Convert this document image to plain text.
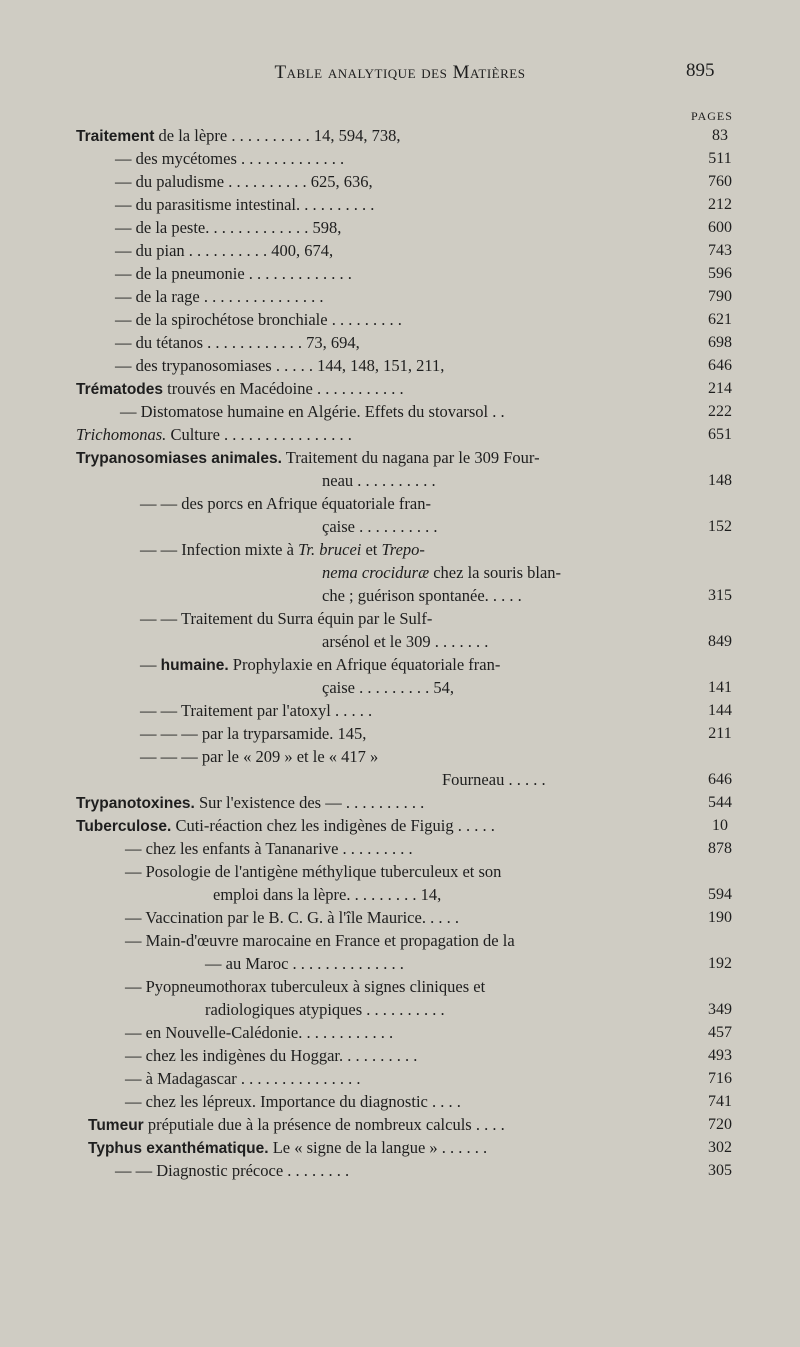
Table analytique des Matières	895
PAGES
Traitement de la lèpre . . . . . . . . . . 14, 594, 738,
— des mycétomes . . . . . . . . . . . . .
— du paludisme . . . . . . . . . . 625, 636,
— du parasitisme intestinal. . . . . . . . . .
— de la peste. . . . . . . . . . . . . 598,
— du pian . . . . . . . . . . 400, 674,
— de la pneumonie . . . . . . . . . . . . .
— de la rage . . . . . . . . . . . . . . .
— de la spirochétose bronchiale . . . . . . . . .
— du tétanos . . . . . . . . . . . . 73, 694,
— des trypanosomiases . . . . . 144, 148, 151, 211,
Trématodes trouvés en Macédoine . . . . . . . . . . .
— Distomatose humaine en Algérie. Effets du stovarsol . .
Trichomonas. Culture . . . . . . . . . . . . . . . .
Trypanosomiases animales. Traitement du nagana par le 309 Four-
neau . . . . . . . . . .
— — des porcs en Afrique équatoriale fran-
çaise . . . . . . . . . .
— — Infection mixte à Tr. brucei et Trepo-
nema crociduræ chez la souris blan-
che ; guérison spontanée. . . . .
— — Traitement du Surra équin par le Sulf-
arsénol et le 309 . . . . . . .
— humaine. Prophylaxie en Afrique équatoriale fran-
çaise . . . . . . . . . 54,
— — Traitement par l'atoxyl . . . . .
— — — par la tryparsamide. 145,
— — — par le « 209 » et le « 417 »
Fourneau . . . . .
Trypanotoxines. Sur l'existence des — . . . . . . . . . .
Tuberculose. Cuti-réaction chez les indigènes de Figuig . . . . .
— chez les enfants à Tananarive . . . . . . . . .
— Posologie de l'antigène méthylique tuberculeux et son
emploi dans la lèpre. . . . . . . . . 14,
— Vaccination par le B. C. G. à l'île Maurice. . . . .
— Main-d'œuvre marocaine en France et propagation de la
— au Maroc . . . . . . . . . . . . . .
— Pyopneumothorax tuberculeux à signes cliniques et
radiologiques atypiques . . . . . . . . . .
— en Nouvelle-Calédonie. . . . . . . . . . . .
— chez les indigènes du Hoggar. . . . . . . . . .
— à Madagascar . . . . . . . . . . . . . . .
— chez les lépreux. Importance du diagnostic . . . .
Tumeur préputiale due à la présence de nombreux calculs . . . .
Typhus exanthématique. Le « signe de la langue » . . . . . .
— — Diagnostic précoce . . . . . . . .
83
511
760
212
600
743
596
790
621
698
646
214
222
651
148
152
315
849
141
144
211
646
544
10
878
594
190
192
349
457
493
716
741
720
302
305
